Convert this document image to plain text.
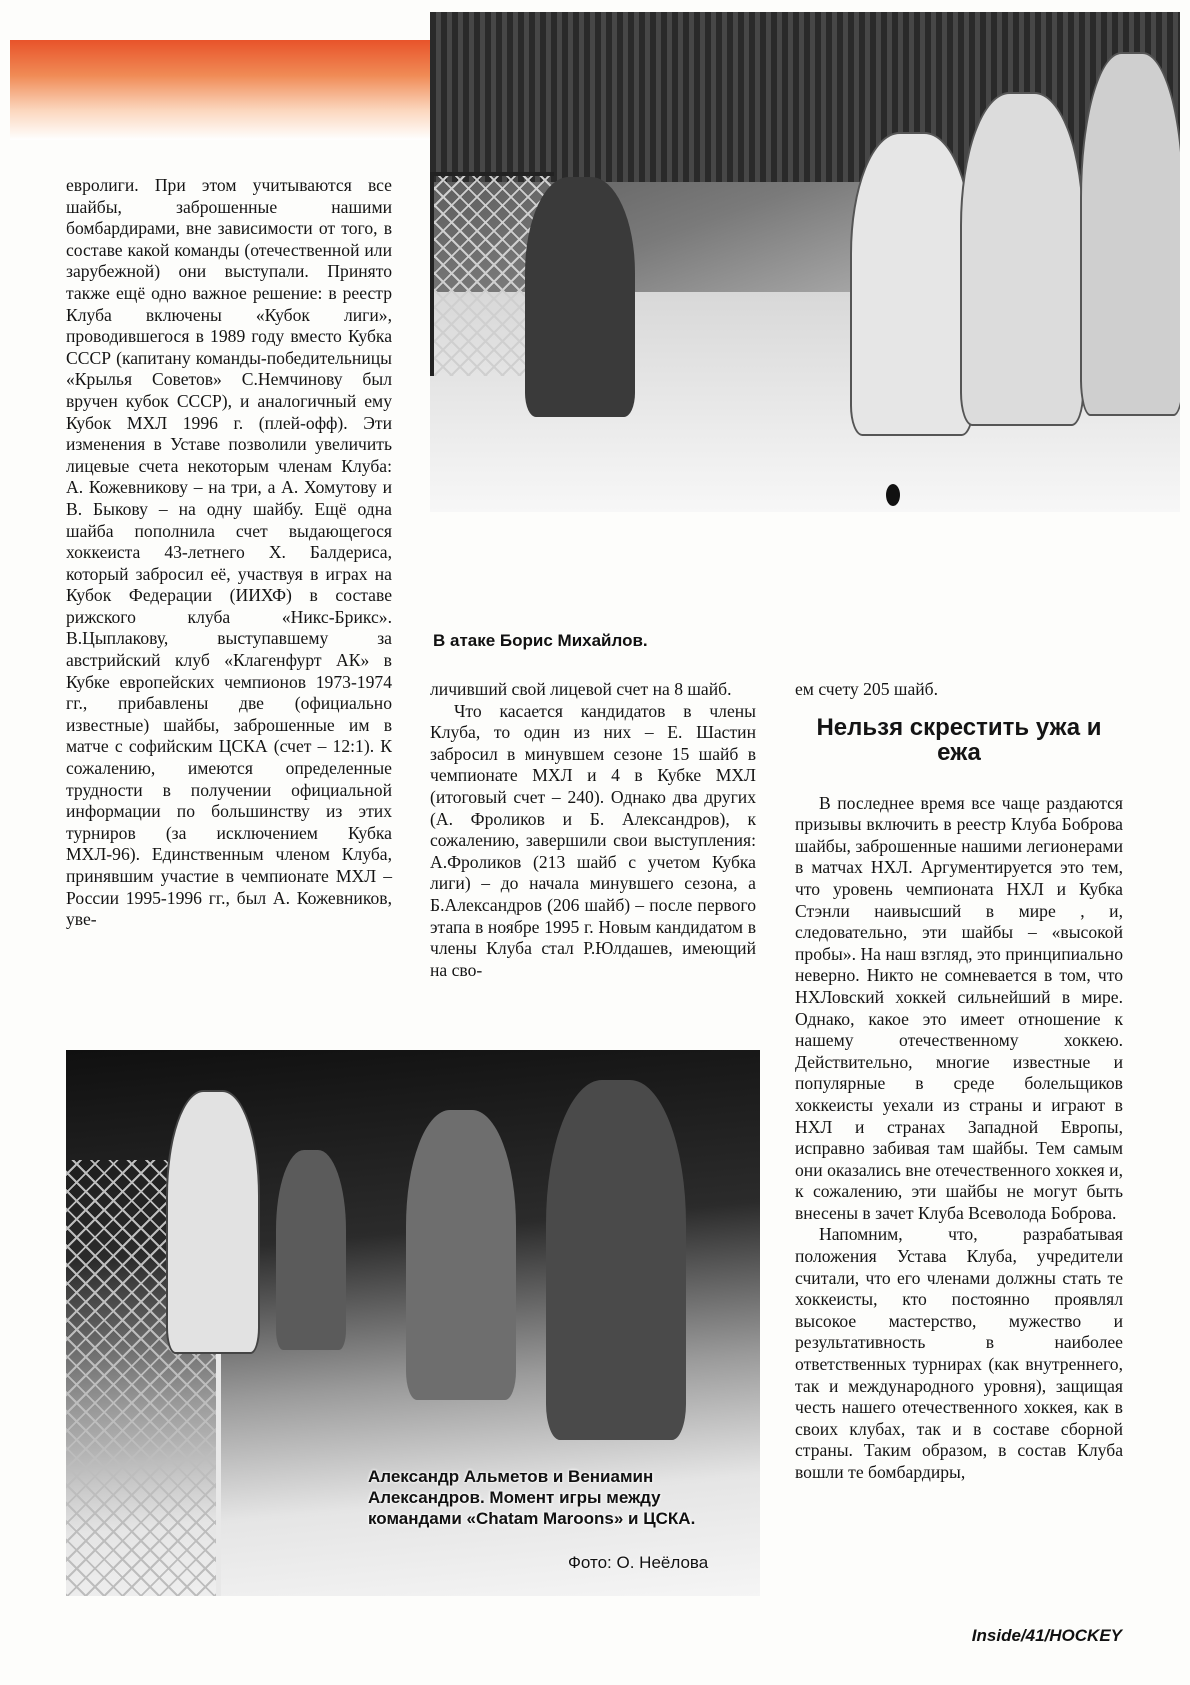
евролиги. При этом учитываются все шайбы, заброшенные нашими бомбардирами, вне зависимости от того, в составе какой команды (отечественной или зарубежной) они выступали. Принято также ещё одно важное решение: в реестр Клуба включены «Кубок лиги», проводившегося в 1989 году вместо Кубка СССР (капитану команды-победительницы «Крылья Советов» С.Немчинову был вручен кубок СССР), и аналогичный ему Кубок МХЛ 1996 г. (плей-офф). Эти изменения в Уставе позволили увеличить лицевые счета некоторым членам Клуба: А. Кожевникову – на три, а А. Хомутову и В. Быкову – на одну шайбу. Ещё одна шайба пополнила счет выдающегося хоккеиста 43-летнего Х. Балдериса, который забросил её, участвуя в играх на Кубок Федерации (ИИХФ) в составе рижского клуба «Никс-Брикс». В.Цыплакову, выступавшему за австрийский клуб «Клагенфурт АК» в Кубке европейских чемпионов 1973-1974 гг., прибавлены две (официально известные) шайбы, заброшенные им в матче с софийским ЦСКА (счет – 12:1). К сожалению, имеются определенные трудности в получении официальной информации по большинству из этих турниров (за исключением Кубка МХЛ-96). Единственным членом Клуба, принявшим участие в чемпионате МХЛ – России 1995-1996 гг., был А. Кожевников, уве-

В атаке Борис Михайлов.

личивший свой лицевой счет на 8 шайб.

Что касается кандидатов в члены Клуба, то один из них – Е. Шастин забросил в минувшем сезоне 15 шайб в чемпионате МХЛ и 4 в Кубке МХЛ (итоговый счет – 240). Однако два других (А. Фроликов и Б. Александров), к сожалению, завершили свои выступления: А.Фроликов (213 шайб с учетом Кубка лиги) – до начала минувшего сезона, а Б.Александров (206 шайб) – после первого этапа в ноябре 1995 г. Новым кандидатом в члены Клуба стал Р.Юлдашев, имеющий на сво-

ем счету 205 шайб.

Нельзя скрестить ужа и ежа

В последнее время все чаще раздаются призывы включить в реестр Клуба Боброва шайбы, заброшенные нашими легионерами в матчах НХЛ. Аргументируется это тем, что уровень чемпионата НХЛ и Кубка Стэнли наивысший в мире , и, следовательно, эти шайбы – «высокой пробы». На наш взгляд, это принципиально неверно. Никто не сомневается в том, что НХЛовский хоккей сильнейший в мире. Однако, какое это имеет отношение к нашему отечественному хоккею. Действительно, многие известные и популярные в среде болельщиков хоккеисты уехали из страны и играют в НХЛ и странах Западной Европы, исправно забивая там шайбы. Тем самым они оказались вне отечественного хоккея и, к сожалению, эти шайбы не могут быть внесены в зачет Клуба Всеволода Боброва.

Напомним, что, разрабатывая положения Устава Клуба, учредители считали, что его членами должны стать те хоккеисты, кто постоянно проявлял высокое мастерство, мужество и результативность в наиболее ответственных турнирах (как внутреннего, так и международного уровня), защищая честь нашего отечественного хоккея, как в своих клубах, так и в составе сборной страны. Таким образом, в состав Клуба вошли те бомбардиры,

Александр Альметов и Вениамин Александров. Момент игры между командами «Chatam Maroons» и ЦСКА.
Фото: О. Неёлова
Inside/41/HOCKEY
